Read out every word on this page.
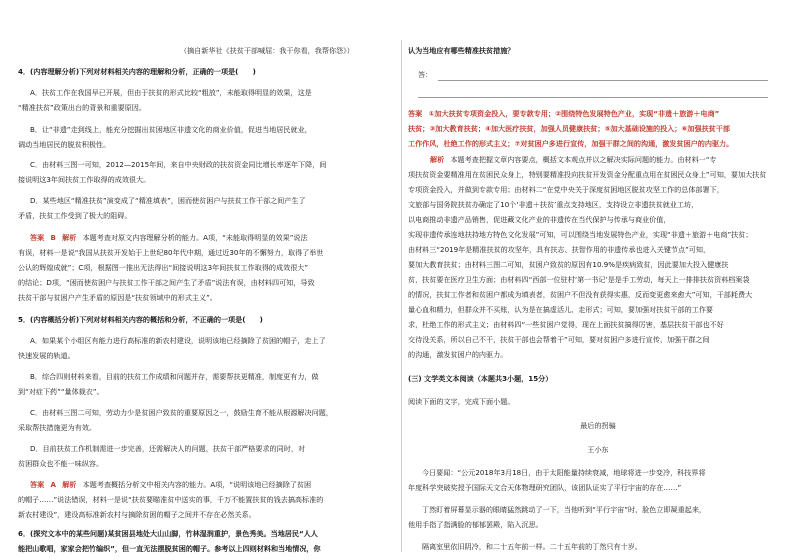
（摘自新华社《扶贫干部喊屈：我干你看，我帮你怨》）
4．(内容理解分析)下列对材料相关内容的理解和分析，正确的一项是(　　)
A．扶贫工作在我国早已开展，但由于扶贫的形式比较“粗放”，未能取得明显的效果，这是
“精准扶贫”政策出台的背景和重要原因。
B．让“非遗”走到线上，能充分挖掘出贫困地区非遗文化的商业价值，促进当地居民就业，
调动当地居民的脱贫积极性。
C．由材料三图一可知，2012—2015年间，来自中央财政的扶贫资金同比增长率逐年下降，间
接说明这3年间扶贫工作取得的成效很大。
D．某些地区“精准扶贫”演变成了“精准填表”，困而使贫困户与扶贫工作干部之间产生了
矛盾，扶贫工作受到了极大的阻碍。
答案 B 解析 本题考查对原文内容理解分析的能力。A项，“未能取得明显的效果”说法
有误，材料一是说“我国从扶贫开发始于上世纪80年代中期，通过近30年的不懈努力，取得了举世
公认的辉煌成就”；C项，根据图一推出无法得出“间接说明这3年间扶贫工作取得的成效很大”
的结论；D项，“困而使贫困户与扶贫工作干部之间产生了矛盾”说法有误，由材料四可知，导致
扶贫干部与贫困户产生矛盾的原因是“扶贫领域中的形式主义”。
5．(内容概括分析)下列对材料相关内容的概括和分析，不正确的一项是(　　)
A．如果某个小组区有能力进行高标准的新农村建设，说明该地已经摘除了贫困的帽子，走上了
快速发展的轨道。
B．综合四则材料来看，目前的扶贫工作成绩和问题并存，需要帮扶更精准，制度更有力，做
到“对症下药”“量体裁衣”。
C．由材料三图二可知，劳动力少是贫困户致贫的重要原因之一，鼓励生育不能从根源解决问题，
采取帮扶措施更为有效。
D．目前扶贫工作机制需进一步完善，还需解决人的问题，扶贫干部严格要求的同时，对
贫困群众也不能一味纵容。
答案 A 解析 本题考查概括分析文中相关内容的能力。A项，“说明该地已经摘除了贫困
的帽子……”说法错误，材料一是说“扶贫要瞄准贫中送实的事，千万不能置扶贫的钱去搞高标准的
新农村建设”，建设高标准新农村与摘除贫困的帽子之间并不存在必然关系。
6．(探究文本中的某些问题)某贫困县地处大山山脚，竹林湿润重护，景色秀美。当地居民“人人
能把山歌唱，家家会把竹编织”，但一直无法摆脱贫困的帽子。参考以上四则材料和当地情况，你
认为当地应有哪些精准扶贫措施？
答：
答案 ①加大扶贫专项资金投入，要专款专用；②围绕特色发展特色产业，实现“非遗＋旅游＋电商”
扶贫；③加大教育扶贫；④加大医疗扶贫，加强人员健康扶贫；⑤加大基础设施的投入；⑥加强扶贫干部
工作作风，杜绝工作的形式主义；⑦对贫困户多进行宣传，加强干群之间的沟通，激发贫困户的内驱力。
解析 本题考查把握文章内容要点，概括文本观点并以之解决实际问题的能力。由材料一“专
项扶贫资金要精准用在贫困民众身上，特别要精准投向扶贫开发资金分配重点用在贫困民众身上”可知，要加大扶贫
专项资金投入，并做到专款专用；由材料二“在党中央关于深度贫困地区脱贫攻坚工作的总体部署下，
文旅部与国务院扶贫办确定了10个‘非遗＋扶贫’重点支持地区，支持设立非遗扶贫就业工坊，
以电商推动非遗产品销售，促进藏文化产业的非遗传在当代保护与传承与商业价值，
实现非遗传承连地扶持地方特色文化发展”可知，可以围绕当地发展特色产业，实现“非遗＋旅游＋电商”扶贫；
由材料三“2019年是精准扶贫的攻坚年，具有扶志、扶智作用的非遗传承也进入关键节点”可知，
要加大教育扶贫；由材料三图二可知，贫困户致贫的原因有10.9%是疾病致贫，因此要加大投入健康扶
贫，扶贫要在医疗卫生方面；由材料四“西部一位驻村‘第一书记’是是手工劳动，每天上一排排扶贫资料档案袋
的情况，扶贫工作者和贫困户都成为填表者，贫困户不但没有获得实惠，反而变更愈来愈大”可知，干部耗费大
量心血和精力，但群众并不买账，认为是在搞虚活儿、走形式；可知，要加强对扶贫干部的工作要
求，杜绝工作的形式主义；由材料四“一些贫困户觉得，现在上面扶贫搞得厉害，基层扶贫干部也不好
交待没关系，所以自己不干，扶贫干部也会帮着干”可知，要对贫困户多进行宣传，加强干群之间
的沟通，激发贫困户的内驱力。
(三) 文学类文本阅读（本题共3小题，15分）
阅读下面的文字，完成下面小题。
最后的拐骗
王小东
今日要闻：“公元2018年3月18日，由于太阳能量持续衰减，地球将进一步变冷，科技界将
年度科学突破奖授予国际天文合天体物理研究团队，该团队证实了平行宇宙的存在……”
丁然盯着屏幕显示器的眼睛猛然跳动了一下，当他听到“平行宇宙”时，脸色立即凝重起来，
他用手指了指满脸的郁郁罢殿，陷入沉思。
隔离室里依旧阴冷，和二十五年前一样。二十五年前的丁然只有十岁。
